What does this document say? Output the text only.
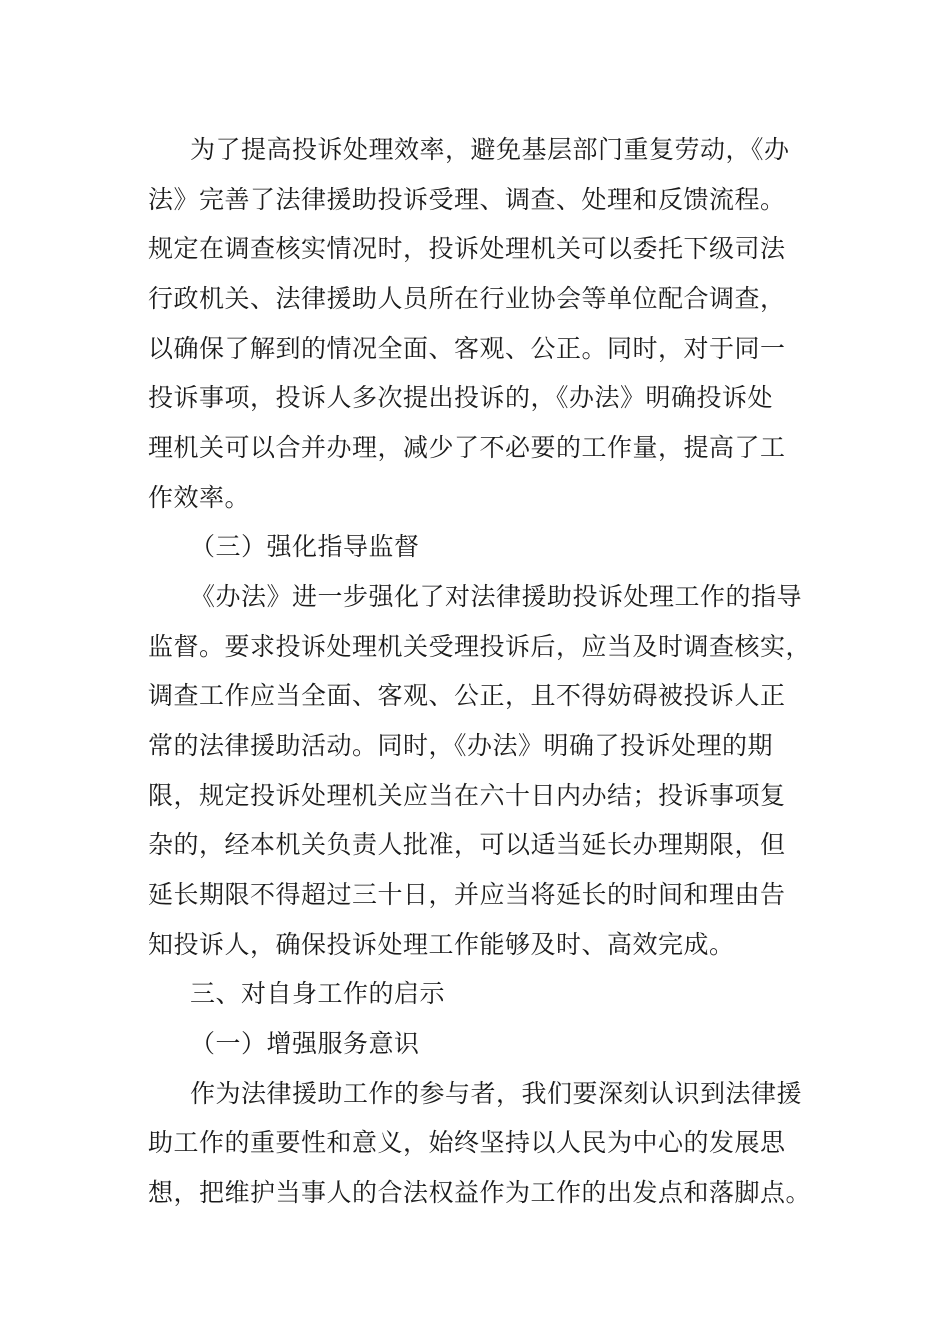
为了提高投诉处理效率，避免基层部门重复劳动，《办
法》完善了法律援助投诉受理、调查、处理和反馈流程。
规定在调查核实情况时，投诉处理机关可以委托下级司法
行政机关、法律援助人员所在行业协会等单位配合调查，
以确保了解到的情况全面、客观、公正。同时，对于同一
投诉事项，投诉人多次提出投诉的，《办法》明确投诉处
理机关可以合并办理，减少了不必要的工作量，提高了工
作效率。
（三）强化指导监督
《办法》进一步强化了对法律援助投诉处理工作的指导
监督。要求投诉处理机关受理投诉后，应当及时调查核实，
调查工作应当全面、客观、公正，且不得妨碍被投诉人正
常的法律援助活动。同时，《办法》明确了投诉处理的期
限，规定投诉处理机关应当在六十日内办结；投诉事项复
杂的，经本机关负责人批准，可以适当延长办理期限，但
延长期限不得超过三十日，并应当将延长的时间和理由告
知投诉人，确保投诉处理工作能够及时、高效完成。
三、对自身工作的启示
（一）增强服务意识
作为法律援助工作的参与者，我们要深刻认识到法律援
助工作的重要性和意义，始终坚持以人民为中心的发展思
想，把维护当事人的合法权益作为工作的出发点和落脚点。
